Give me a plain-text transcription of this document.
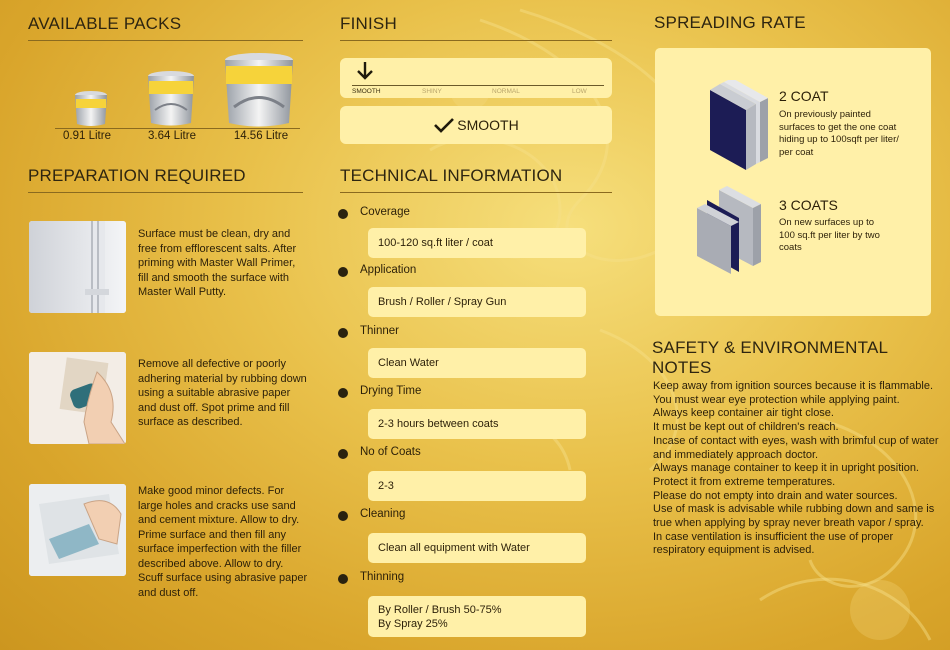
AVAILABLE PACKS
0.91 Litre	3.64 Litre	14.56 Litre
PREPARATION REQUIRED
Surface must be clean, dry and free from efflorescent salts. After priming with Master Wall Primer, fill and smooth the surface with Master Wall Putty.
Remove all defective or poorly adhering material by rubbing down using a suitable abrasive paper and dust off. Spot prime and fill surface as described.
Make good minor defects. For large holes and cracks use sand and cement mixture. Allow to dry. Prime surface and then fill any surface imperfection with the filler described above. Allow to dry. Scuff surface using abrasive paper and dust off.
FINISH
SMOOTH	SHINY	NORMAL	LOW
SMOOTH
TECHNICAL INFORMATION
Coverage
100-120 sq.ft liter / coat
Application
Brush / Roller / Spray Gun
Thinner
Clean Water
Drying Time
2-3 hours between coats
No of Coats
2-3
Cleaning
Clean all equipment with Water
Thinning
By Roller / Brush 50-75%
By Spray 25%
SPREADING RATE
2 COAT
On previously painted surfaces to get the one coat hiding up to 100sqft per liter/ per coat
3 COATS
On new surfaces up to 100 sq.ft per liter by two coats
SAFETY & ENVIRONMENTAL NOTES
Keep away from ignition sources because it is flammable.
You must wear eye protection while applying paint.
Always keep container air tight close.
It must be kept out of children's reach.
Incase of contact with eyes, wash with brimful cup of water and immediately approach doctor.
Always manage container to keep it in upright position.
Protect it from extreme temperatures.
Please do not empty into drain and water sources.
Use of mask is advisable while rubbing down and same is true when applying by spray never breath vapor / spray.
In case ventilation is insufficient the use of proper respiratory equipment is advised.
